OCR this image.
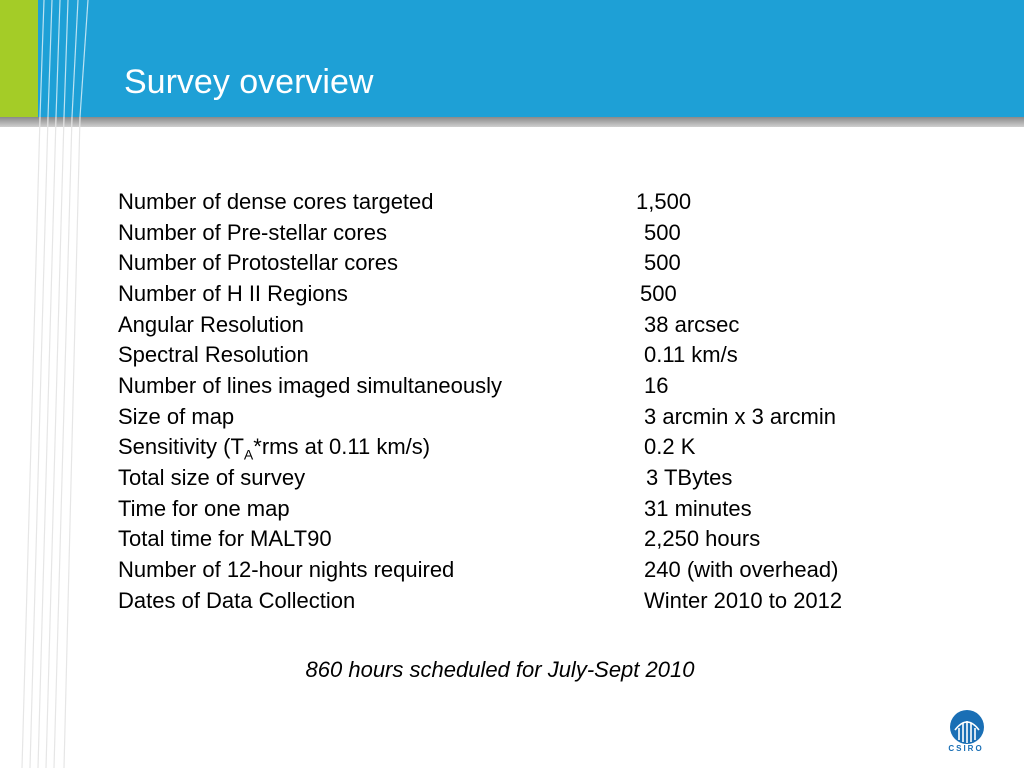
Survey overview
Number of dense cores targeted	1,500
Number of Pre-stellar cores	500
Number of Protostellar cores	500
Number of H II Regions	500
Angular Resolution	38 arcsec
Spectral Resolution	0.11 km/s
Number of lines imaged simultaneously	16
Size of map	3 arcmin x 3 arcmin
Sensitivity ($T_A*rms$ at 0.11 km/s)	0.2 K
Total size of survey	3 TBytes
Time for one map	31 minutes
Total time for MALT90	2,250 hours
Number of 12-hour nights required	240 (with overhead)
Dates of Data Collection	Winter 2010 to 2012
860 hours scheduled for July-Sept 2010
CSIRO
